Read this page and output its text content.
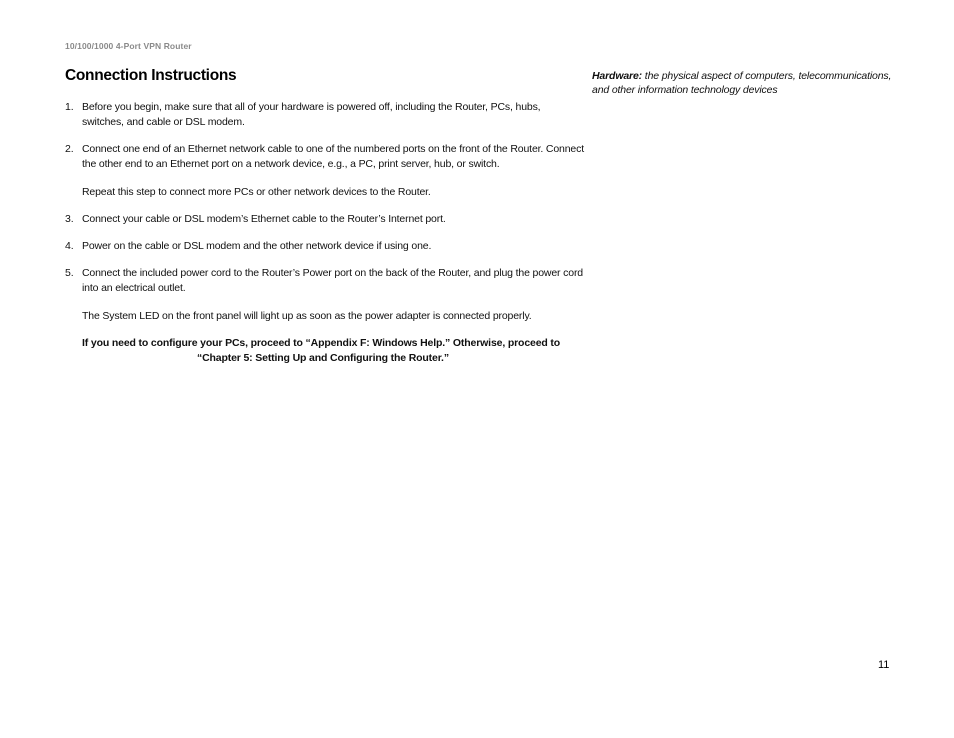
10/100/1000 4-Port VPN Router
Connection Instructions
1. Before you begin, make sure that all of your hardware is powered off, including the Router, PCs, hubs, switches, and cable or DSL modem.
2. Connect one end of an Ethernet network cable to one of the numbered ports on the front of the Router. Connect the other end to an Ethernet port on a network device, e.g., a PC, print server, hub, or switch.
Repeat this step to connect more PCs or other network devices to the Router.
3. Connect your cable or DSL modem’s Ethernet cable to the Router’s Internet port.
4. Power on the cable or DSL modem and the other network device if using one.
5. Connect the included power cord to the Router’s Power port on the back of the Router, and plug the power cord into an electrical outlet.
The System LED on the front panel will light up as soon as the power adapter is connected properly.
If you need to configure your PCs, proceed to “Appendix F: Windows Help.” Otherwise, proceed to
“Chapter 5: Setting Up and Configuring the Router.”
Hardware: the physical aspect of computers, telecommunications, and other information technology devices
11
